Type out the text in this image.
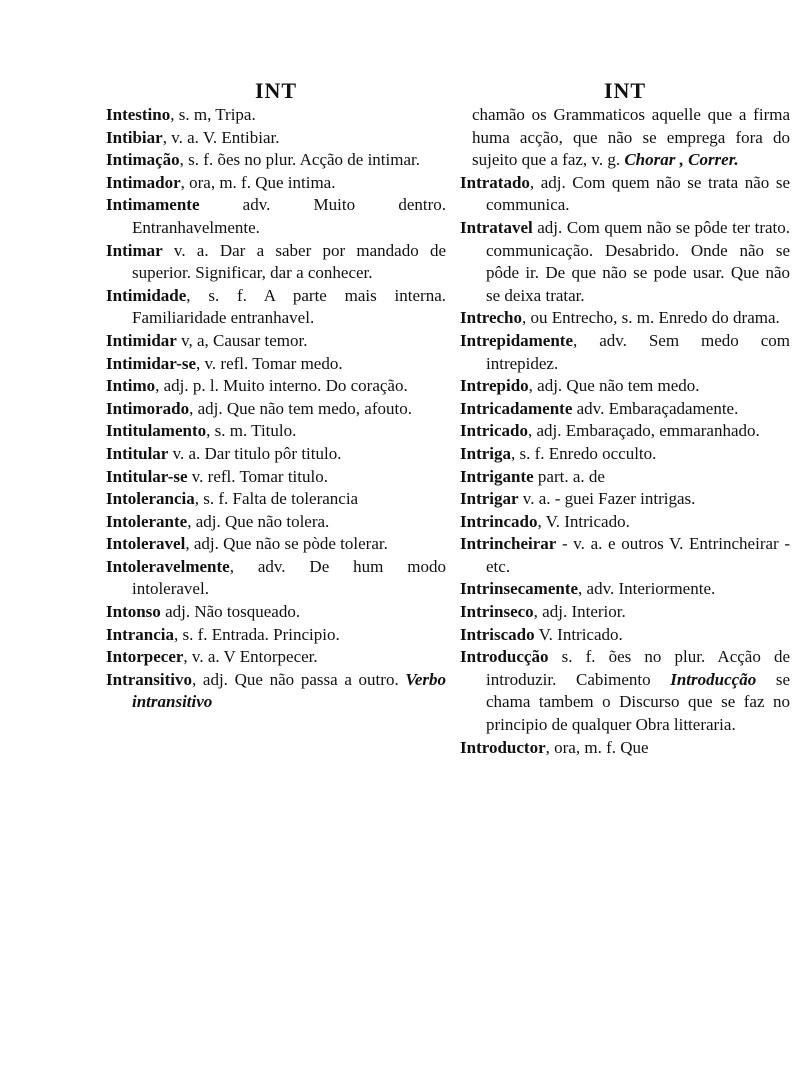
INT
Intestino, s. m, Tripa.
Intibiar, v. a. V. Entibiar.
Intimação, s. f. ões no plur. Acção de intimar.
Intimador, ora, m. f. Que intima.
Intimamente adv. Muito dentro. Entranhavelmente.
Intimar v. a. Dar a saber por mandado de superior. Significar, dar a conhecer.
Intimidade, s. f. A parte mais interna. Familiaridade entranhavel.
Intimidar v, a, Causar temor.
Intimidar-se, v. refl. Tomar medo.
Intimo, adj. p. l. Muito interno. Do coração.
Intimorado, adj. Que não tem medo, afouto.
Intitulamento, s. m. Titulo.
Intitular v. a. Dar titulo pôr titulo.
Intitular-se v. refl. Tomar titulo.
Intolerancia, s. f. Falta de tolerancia
Intolerante, adj. Que não tolera.
Intoleravel, adj. Que não se pòde tolerar.
Intoleravelmente, adv. De hum modo intoleravel.
Intonso adj. Não tosqueado.
Intrancia, s. f. Entrada. Principio.
Intorpecer, v. a. V Entorpecer.
Intransitivo, adj. Que não passa a outro. Verbo intransitivo
INT
chamão os Grammaticos aquelle que a firma huma acção, que não se emprega fora do sujeito que a faz, v. g. Chorar , Correr.
Intratado, adj. Com quem não se trata não se communica.
Intratavel adj. Com quem não se pôde ter trato. communicação. Desabrido. Onde não se pôde ir. De que não se pode usar. Que não se deixa tratar.
Intrecho, ou Entrecho, s. m. Enredo do drama.
Intrepidamente, adv. Sem medo com intrepidez.
Intrepido, adj. Que não tem medo.
Intricadamente adv. Embaraçadamente.
Intricado, adj. Embaraçado, emmaranhado.
Intriga, s. f. Enredo occulto.
Intrigante part. a. de
Intrigar v. a. - guei Fazer intrigas.
Intrincado, V. Intricado.
Intrincheirar - v. a. e outros V. Entrincheirar - etc.
Intrinsecamente, adv. Interiormente.
Intrinseco, adj. Interior.
Intriscado V. Intricado.
Introducção s. f. ões no plur. Acção de introduzir. Cabimento Introducção se chama tambem o Discurso que se faz no principio de qualquer Obra litteraria.
Introductor, ora, m. f. Que
